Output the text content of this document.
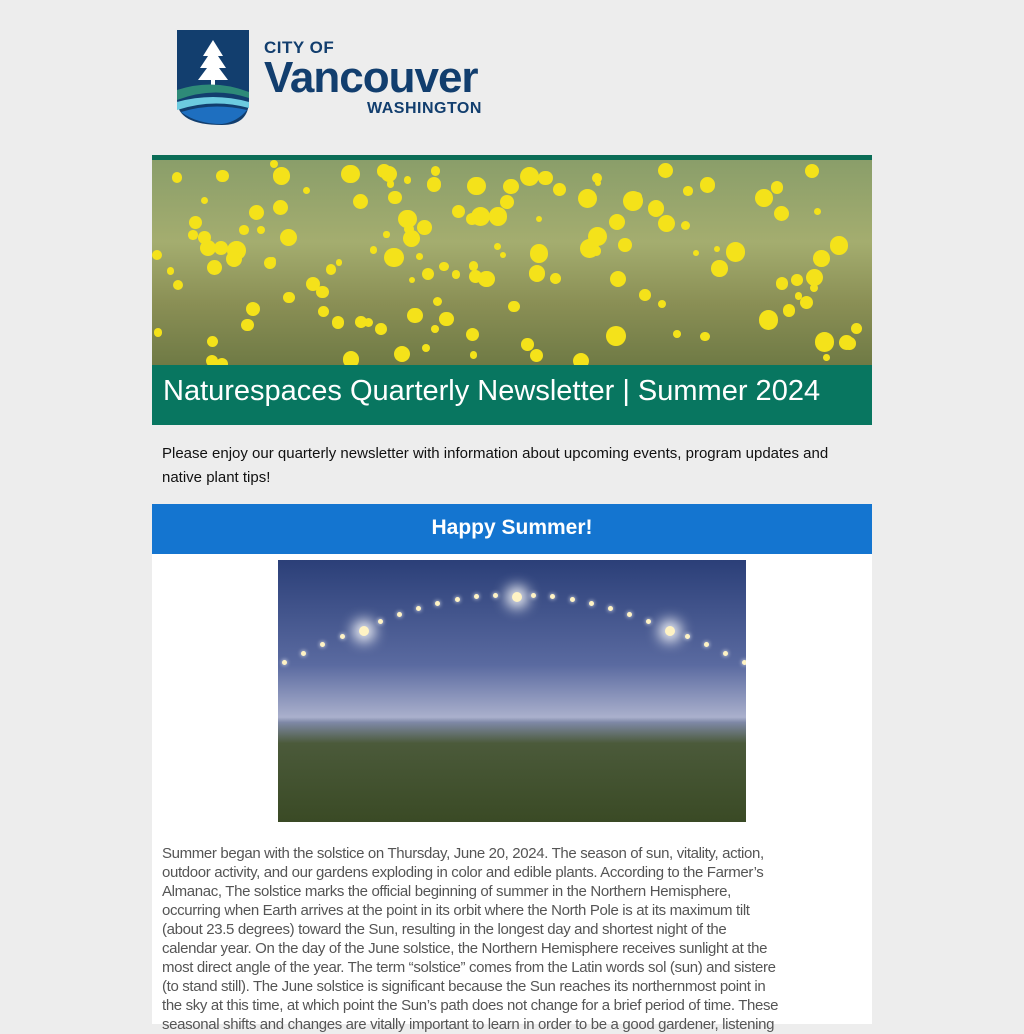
CITY OF
Vancouver
WASHINGTON
Naturespaces Quarterly Newsletter | Summer 2024
Please enjoy our quarterly newsletter with information about upcoming events, program updates and native plant tips!
Happy Summer!
Summer began with the solstice on Thursday, June 20, 2024. The season of sun, vitality, action,
outdoor activity, and our gardens exploding in color and edible plants. According to the Farmer’s
Almanac, The solstice marks the official beginning of summer in the Northern Hemisphere,
occurring when Earth arrives at the point in its orbit where the North Pole is at its maximum tilt
(about 23.5 degrees) toward the Sun, resulting in the longest day and shortest night of the
calendar year. On the day of the June solstice, the Northern Hemisphere receives sunlight at the
most direct angle of the year. The term “solstice” comes from the Latin words sol (sun) and sistere
(to stand still). The June solstice is significant because the Sun reaches its northernmost point in
the sky at this time, at which point the Sun’s path does not change for a brief period of time. These
seasonal shifts and changes are vitally important to learn in order to be a good gardener, listening
